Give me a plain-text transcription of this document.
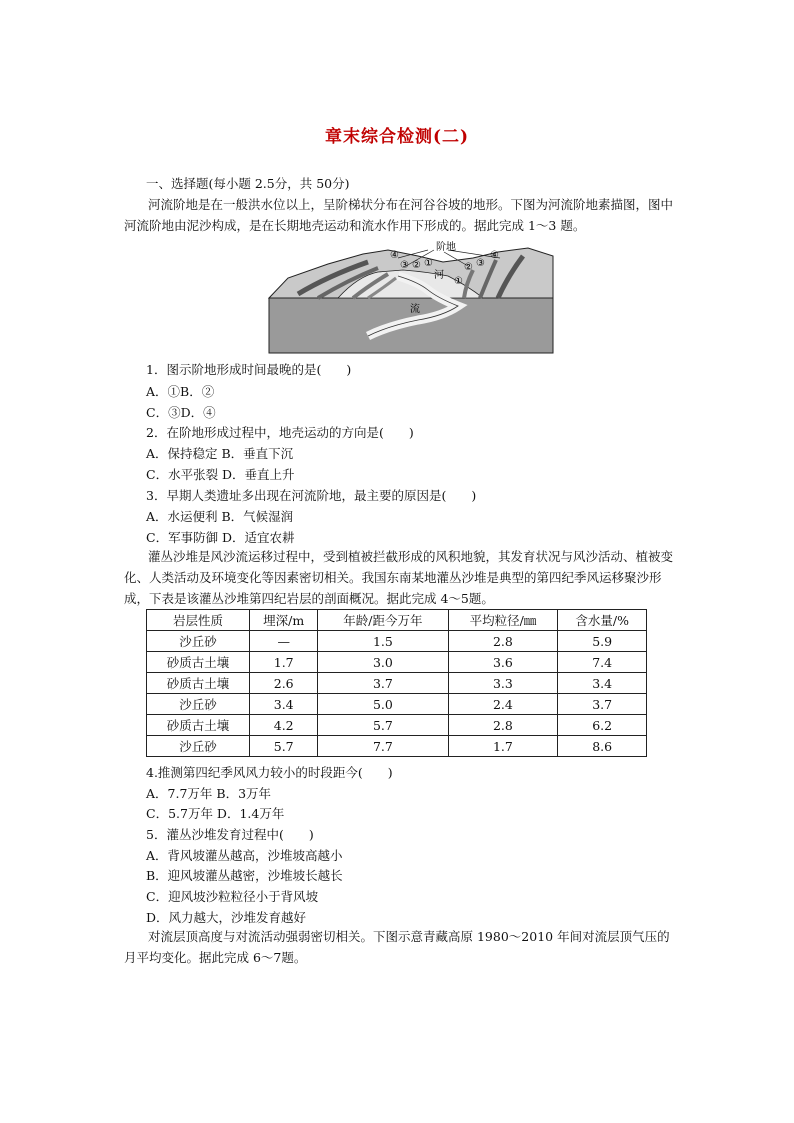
章末综合检测(二)
一、选择题(每小题 2.5分，共 50分)

河流阶地是在一般洪水位以上，呈阶梯状分布在河谷谷坡的地形。下图为河流阶地素描图，图中河流阶地由泥沙构成，是在长期地壳运动和流水作用下形成的。据此完成 1～3 题。

阶地
河
流
④
③ ② ①
①
② ③
④
1．图示阶地形成时间最晚的是(　　)
A．①B．②
C．③D．④
2．在阶地形成过程中，地壳运动的方向是(　　)
A．保持稳定 B．垂直下沉
C．水平张裂 D．垂直上升
3．早期人类遗址多出现在河流阶地，最主要的原因是(　　)
A．水运便利 B．气候湿润
C．军事防御 D．适宜农耕

灌丛沙堆是风沙流运移过程中，受到植被拦截形成的风积地貌，其发育状况与风沙活动、植被变化、人类活动及环境变化等因素密切相关。我国东南某地灌丛沙堆是典型的第四纪季风运移聚沙形成，下表是该灌丛沙堆第四纪岩层的剖面概况。据此完成 4～5题。

岩层性质	埋深/m	年龄/距今万年	平均粒径/㎜	含水量/%
沙丘砂	—	1.5	2.8	5.9
砂质古土壤	1.7	3.0	3.6	7.4
砂质古土壤	2.6	3.7	3.3	3.4
沙丘砂	3.4	5.0	2.4	3.7
砂质古土壤	4.2	5.7	2.8	6.2
沙丘砂	5.7	7.7	1.7	8.6
4.推测第四纪季风风力较小的时段距今(　　)
A．7.7万年 B．3万年
C．5.7万年 D．1.4万年
5．灌丛沙堆发育过程中(　　)
A．背风坡灌丛越高，沙堆坡高越小
B．迎风坡灌丛越密，沙堆坡长越长
C．迎风坡沙粒粒径小于背风坡
D．风力越大，沙堆发育越好

对流层顶高度与对流活动强弱密切相关。下图示意青藏高原 1980～2010 年间对流层顶气压的月平均变化。据此完成 6～7题。
